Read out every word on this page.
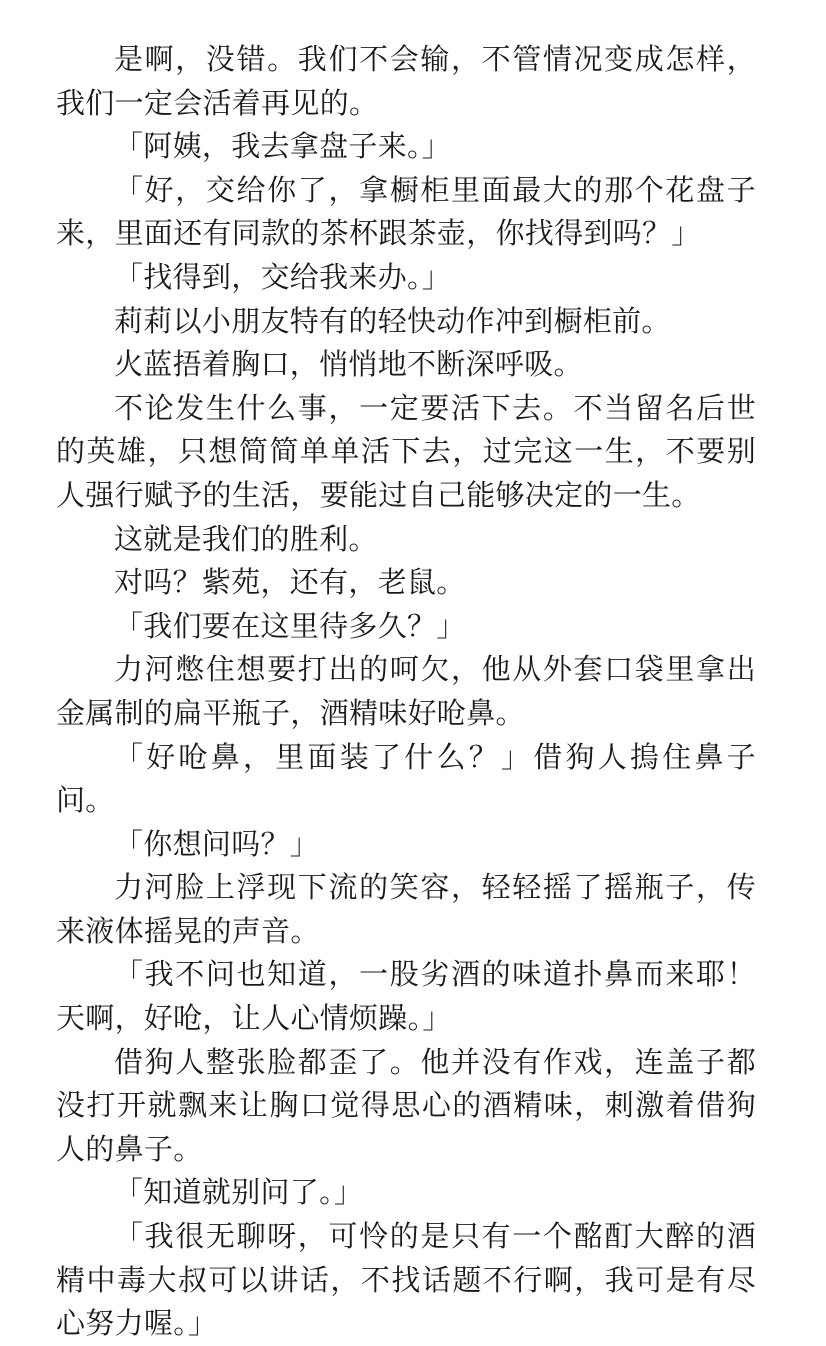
是啊，没错。我们不会输，不管情况变成怎样，我们一定会活着再见的。

「阿姨，我去拿盘子来。」

「好，交给你了，拿橱柜里面最大的那个花盘子来，里面还有同款的茶杯跟茶壶，你找得到吗？」

「找得到，交给我来办。」

莉莉以小朋友特有的轻快动作冲到橱柜前。

火蓝捂着胸口，悄悄地不断深呼吸。

不论发生什么事，一定要活下去。不当留名后世的英雄，只想简简单单活下去，过完这一生，不要别人强行赋予的生活，要能过自己能够决定的一生。

这就是我们的胜利。

对吗？紫苑，还有，老鼠。

「我们要在这里待多久？」

力河憋住想要打出的呵欠，他从外套口袋里拿出金属制的扁平瓶子，酒精味好呛鼻。

「好呛鼻，里面装了什么？」借狗人摀住鼻子问。

「你想问吗？」

力河脸上浮现下流的笑容，轻轻摇了摇瓶子，传来液体摇晃的声音。

「我不问也知道，一股劣酒的味道扑鼻而来耶！天啊，好呛，让人心情烦躁。」

借狗人整张脸都歪了。他并没有作戏，连盖子都没打开就飘来让胸口觉得思心的酒精味，刺激着借狗人的鼻子。

「知道就别问了。」

「我很无聊呀，可怜的是只有一个酩酊大醉的酒精中毒大叔可以讲话，不找话题不行啊，我可是有尽心努力喔。」
